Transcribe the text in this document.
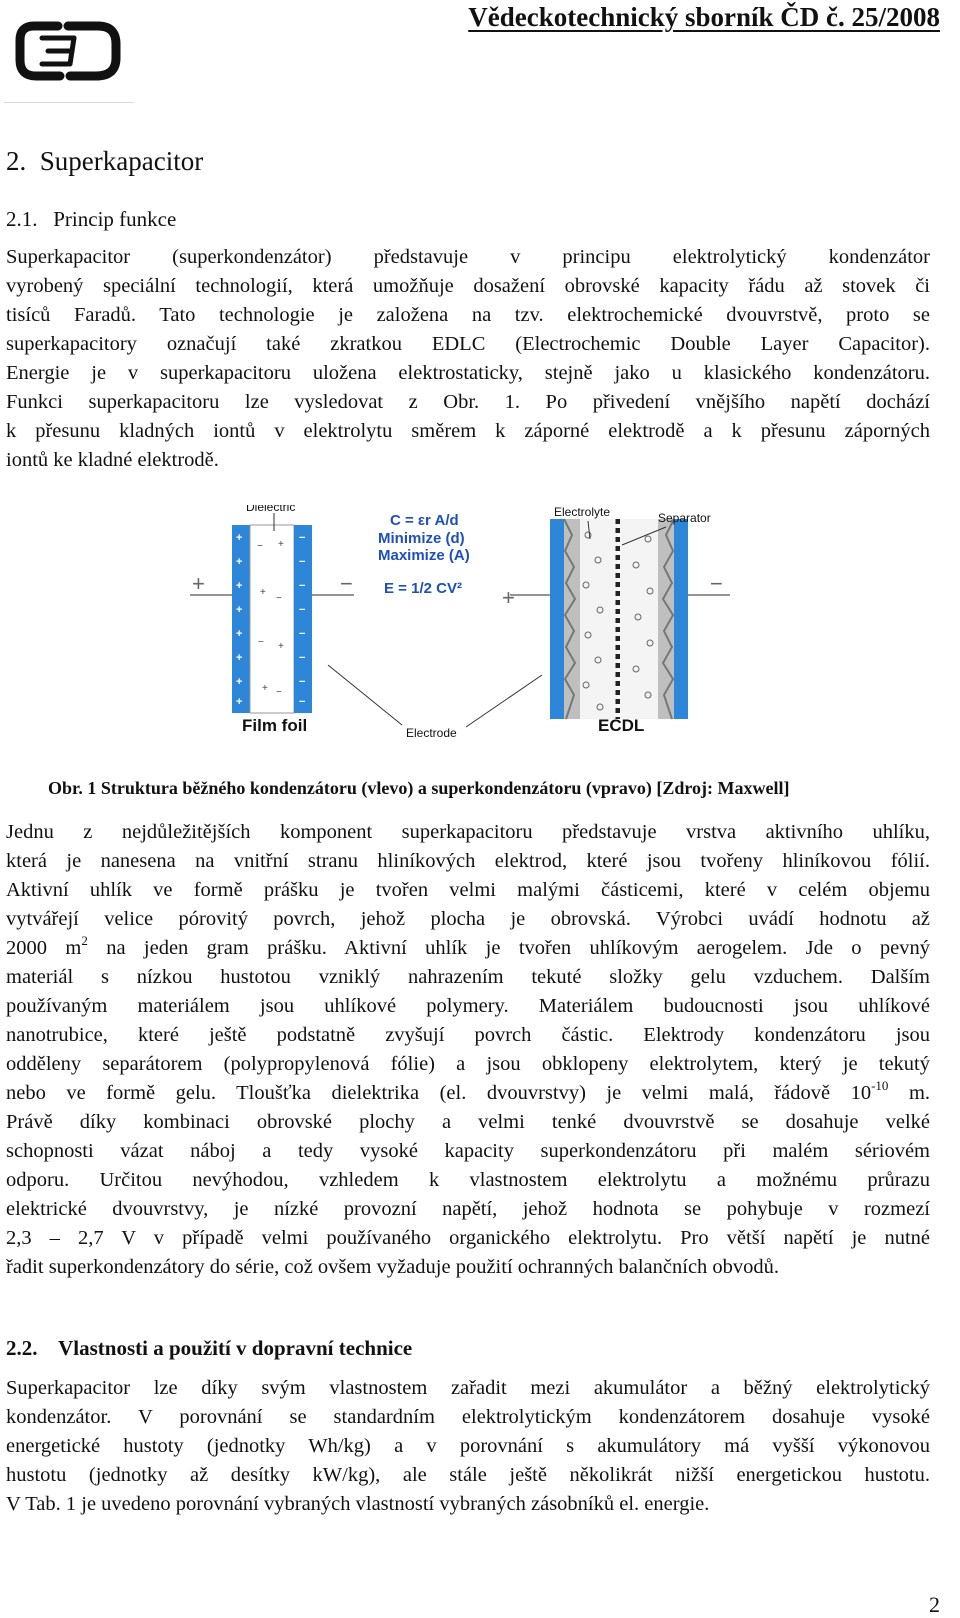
Vědeckotechnický sborník ČD č. 25/2008
2. Superkapacitor
2.1. Princip funkce
Superkapacitor (superkondenzátor) představuje v principu elektrolytický kondenzátor
vyrobený speciální technologií, která umožňuje dosažení obrovské kapacity řádu až stovek či
tisíců Faradů. Tato technologie je založena na tzv. elektrochemické dvouvrstvě, proto se
superkapacitory označují také zkratkou EDLC (Electrochemic Double Layer Capacitor).
Energie je v superkapacitoru uložena elektrostaticky, stejně jako u klasického kondenzátoru.
Funkci superkapacitoru lze vysledovat z Obr. 1. Po přivedení vnějšího napětí dochází
k přesunu kladných iontů v elektrolytu směrem k záporné elektrodě a k přesunu záporných
iontů ke kladné elektrodě.
+
+
+
+
+
+
+
+
−
−
−
−
−
−
−
−
− +
+
−
− +
+ −
+	−
Dielectric
Film foil
C = εr A/d
Minimize (d)
Maximize (A)
E = 1/2 CV²
Electrode
+
−
Electrolyte	Separator
ECDL
Obr. 1 Struktura běžného kondenzátoru (vlevo) a superkondenzátoru (vpravo) [Zdroj: Maxwell]
Jednu z nejdůležitějších komponent superkapacitoru představuje vrstva aktivního uhlíku,
která je nanesena na vnitřní stranu hliníkových elektrod, které jsou tvořeny hliníkovou fólií.
Aktivní uhlík ve formě prášku je tvořen velmi malými částicemi, které v celém objemu
vytvářejí velice pórovitý povrch, jehož plocha je obrovská. Výrobci uvádí hodnotu až
2000 $m^2$ na jeden gram prášku. Aktivní uhlík je tvořen uhlíkovým aerogelem. Jde o pevný
materiál s nízkou hustotou vzniklý nahrazením tekuté složky gelu vzduchem. Dalším
používaným materiálem jsou uhlíkové polymery. Materiálem budoucnosti jsou uhlíkové
nanotrubice, které ještě podstatně zvyšují povrch částic. Elektrody kondenzátoru jsou
odděleny separátorem (polypropylenová fólie) a jsou obklopeny elektrolytem, který je tekutý
nebo ve formě gelu. Tloušťka dielektrika (el. dvouvrstvy) je velmi malá, řádově $10^{-10}$ m.
Právě díky kombinaci obrovské plochy a velmi tenké dvouvrstvě se dosahuje velké
schopnosti vázat náboj a tedy vysoké kapacity superkondenzátoru při malém sériovém
odporu. Určitou nevýhodou, vzhledem k vlastnostem elektrolytu a možnému průrazu
elektrické dvouvrstvy, je nízké provozní napětí, jehož hodnota se pohybuje v rozmezí
2,3 – 2,7 V v případě velmi používaného organického elektrolytu. Pro větší napětí je nutné
řadit superkondenzátory do série, což ovšem vyžaduje použití ochranných balančních obvodů.
2.2. Vlastnosti a použití v dopravní technice
Superkapacitor lze díky svým vlastnostem zařadit mezi akumulátor a běžný elektrolytický
kondenzátor. V porovnání se standardním elektrolytickým kondenzátorem dosahuje vysoké
energetické hustoty (jednotky Wh/kg) a v porovnání s akumulátory má vyšší výkonovou
hustotu (jednotky až desítky kW/kg), ale stále ještě několikrát nižší energetickou hustotu.
V Tab. 1 je uvedeno porovnání vybraných vlastností vybraných zásobníků el. energie.
2
